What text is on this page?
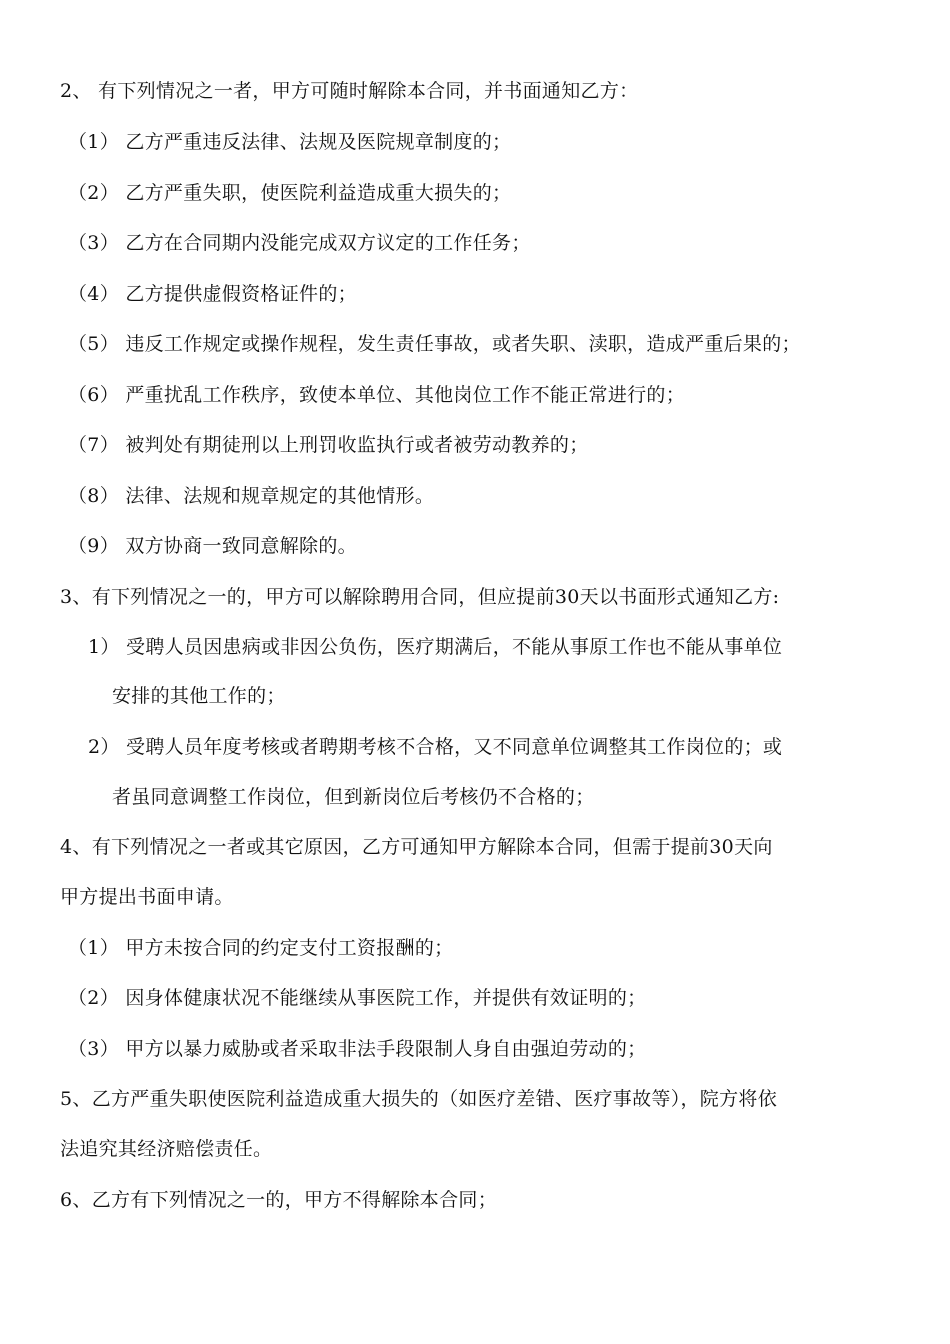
2、 有下列情况之一者，甲方可随时解除本合同，并书面通知乙方：
（1） 乙方严重违反法律、法规及医院规章制度的；
（2） 乙方严重失职，使医院利益造成重大损失的；
（3） 乙方在合同期内没能完成双方议定的工作任务；
（4） 乙方提供虚假资格证件的；
（5） 违反工作规定或操作规程，发生责任事故，或者失职、渎职，造成严重后果的；
（6） 严重扰乱工作秩序，致使本单位、其他岗位工作不能正常进行的；
（7） 被判处有期徒刑以上刑罚收监执行或者被劳动教养的；
（8） 法律、法规和规章规定的其他情形。
（9） 双方协商一致同意解除的。
3、有下列情况之一的，甲方可以解除聘用合同，但应提前30天以书面形式通知乙方:
1） 受聘人员因患病或非因公负伤，医疗期满后，不能从事原工作也不能从事单位
安排的其他工作的；
2） 受聘人员年度考核或者聘期考核不合格，又不同意单位调整其工作岗位的；或
者虽同意调整工作岗位，但到新岗位后考核仍不合格的；
4、有下列情况之一者或其它原因，乙方可通知甲方解除本合同，但需于提前30天向
甲方提出书面申请。
（1） 甲方未按合同的约定支付工资报酬的；
（2） 因身体健康状况不能继续从事医院工作，并提供有效证明的；
（3） 甲方以暴力威胁或者采取非法手段限制人身自由强迫劳动的；
5、乙方严重失职使医院利益造成重大损失的（如医疗差错、医疗事故等），院方将依
法追究其经济赔偿责任。
6、乙方有下列情况之一的，甲方不得解除本合同；
